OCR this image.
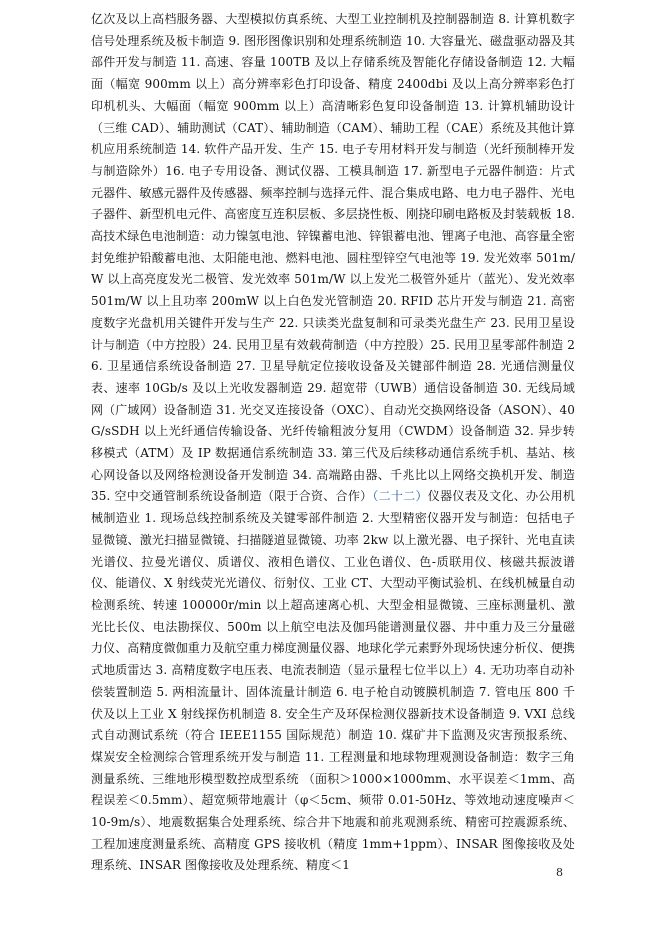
亿次及以上高档服务器、大型模拟仿真系统、大型工业控制机及控制器制造 8. 计算机数字信号处理系统及板卡制造 9. 图形图像识别和处理系统制造 10. 大容量光、磁盘驱动器及其部件开发与制造 11. 高速、容量 100TB 及以上存储系统及智能化存储设备制造 12. 大幅面（幅宽 900mm 以上）高分辨率彩色打印设备、精度 2400dbi 及以上高分辨率彩色打印机机头、大幅面（幅宽 900mm 以上）高清晰彩色复印设备制造 13. 计算机辅助设计（三维 CAD）、辅助测试（CAT）、辅助制造（CAM）、辅助工程（CAE）系统及其他计算机应用系统制造 14. 软件产品开发、生产 15. 电子专用材料开发与制造（光纤预制棒开发与制造除外）16. 电子专用设备、测试仪器、工模具制造 17. 新型电子元器件制造：片式元器件、敏感元器件及传感器、频率控制与选择元件、混合集成电路、电力电子器件、光电子器件、新型机电元件、高密度互连积层板、多层挠性板、刚挠印刷电路板及封装载板 18. 高技术绿色电池制造：动力镍氢电池、锌镍蓄电池、锌银蓄电池、锂离子电池、高容量全密封免维护铅酸蓄电池、太阳能电池、燃料电池、圆柱型锌空气电池等 19. 发光效率 501m/W 以上高亮度发光二极管、发光效率 501m/W 以上发光二极管外延片（蓝光）、发光效率 501m/W 以上且功率 200mW 以上白色发光管制造 20. RFID 芯片开发与制造 21. 高密度数字光盘机用关键件开发与生产 22. 只读类光盘复制和可录类光盘生产 23. 民用卫星设计与制造（中方控股）24. 民用卫星有效载荷制造（中方控股）25. 民用卫星零部件制造 26. 卫星通信系统设备制造 27. 卫星导航定位接收设备及关键部件制造 28. 光通信测量仪表、速率 10Gb/s 及以上光收发器制造 29. 超宽带（UWB）通信设备制造 30. 无线局域网（广域网）设备制造 31. 光交叉连接设备（OXC）、自动光交换网络设备（ASON）、40G/sSDH 以上光纤通信传输设备、光纤传输粗波分复用（CWDM）设备制造 32. 异步转移模式（ATM）及 IP 数据通信系统制造 33. 第三代及后续移动通信系统手机、基站、核心网设备以及网络检测设备开发制造 34. 高端路由器、千兆比以上网络交换机开发、制造 35. 空中交通管制系统设备制造（限于合资、合作）（二十二）仪器仪表及文化、办公用机械制造业 1. 现场总线控制系统及关键零部件制造 2. 大型精密仪器开发与制造：包括电子显微镜、激光扫描显微镜、扫描隧道显微镜、功率 2kw 以上激光器、电子探针、光电直读光谱仪、拉曼光谱仪、质谱仪、液相色谱仪、工业色谱仪、色-质联用仪、核磁共振波谱仪、能谱仪、X 射线荧光光谱仪、衍射仪、工业 CT、大型动平衡试验机、在线机械量自动检测系统、转速 100000r/min 以上超高速离心机、大型金相显微镜、三座标测量机、激光比长仪、电法勘探仪、500m 以上航空电法及伽玛能谱测量仪器、井中重力及三分量磁力仪、高精度微伽重力及航空重力梯度测量仪器、地球化学元素野外现场快速分析仪、便携式地质雷达 3. 高精度数字电压表、电流表制造（显示量程七位半以上）4. 无功功率自动补偿装置制造 5. 两相流量计、固体流量计制造 6. 电子枪自动镀膜机制造 7. 管电压 800 千伏及以上工业 X 射线探伤机制造 8. 安全生产及环保检测仪器新技术设备制造 9. VXI 总线式自动测试系统（符合 IEEE1155 国际规范）制造 10. 煤矿井下监测及灾害预报系统、煤炭安全检测综合管理系统开发与制造 11. 工程测量和地球物理观测设备制造：数字三角测量系统、三维地形模型数控成型系统 （面积＞1000×1000mm、水平误差＜1mm、高程误差＜0.5mm）、超宽频带地震计（φ＜5cm、频带 0.01-50Hz、等效地动速度噪声＜10-9m/s）、地震数据集合处理系统、综合井下地震和前兆观测系统、精密可控震源系统、工程加速度测量系统、高精度 GPS 接收机（精度 1mm+1ppm）、INSAR 图像接收及处理系统、INSAR 图像接收及处理系统、精度＜1

8
